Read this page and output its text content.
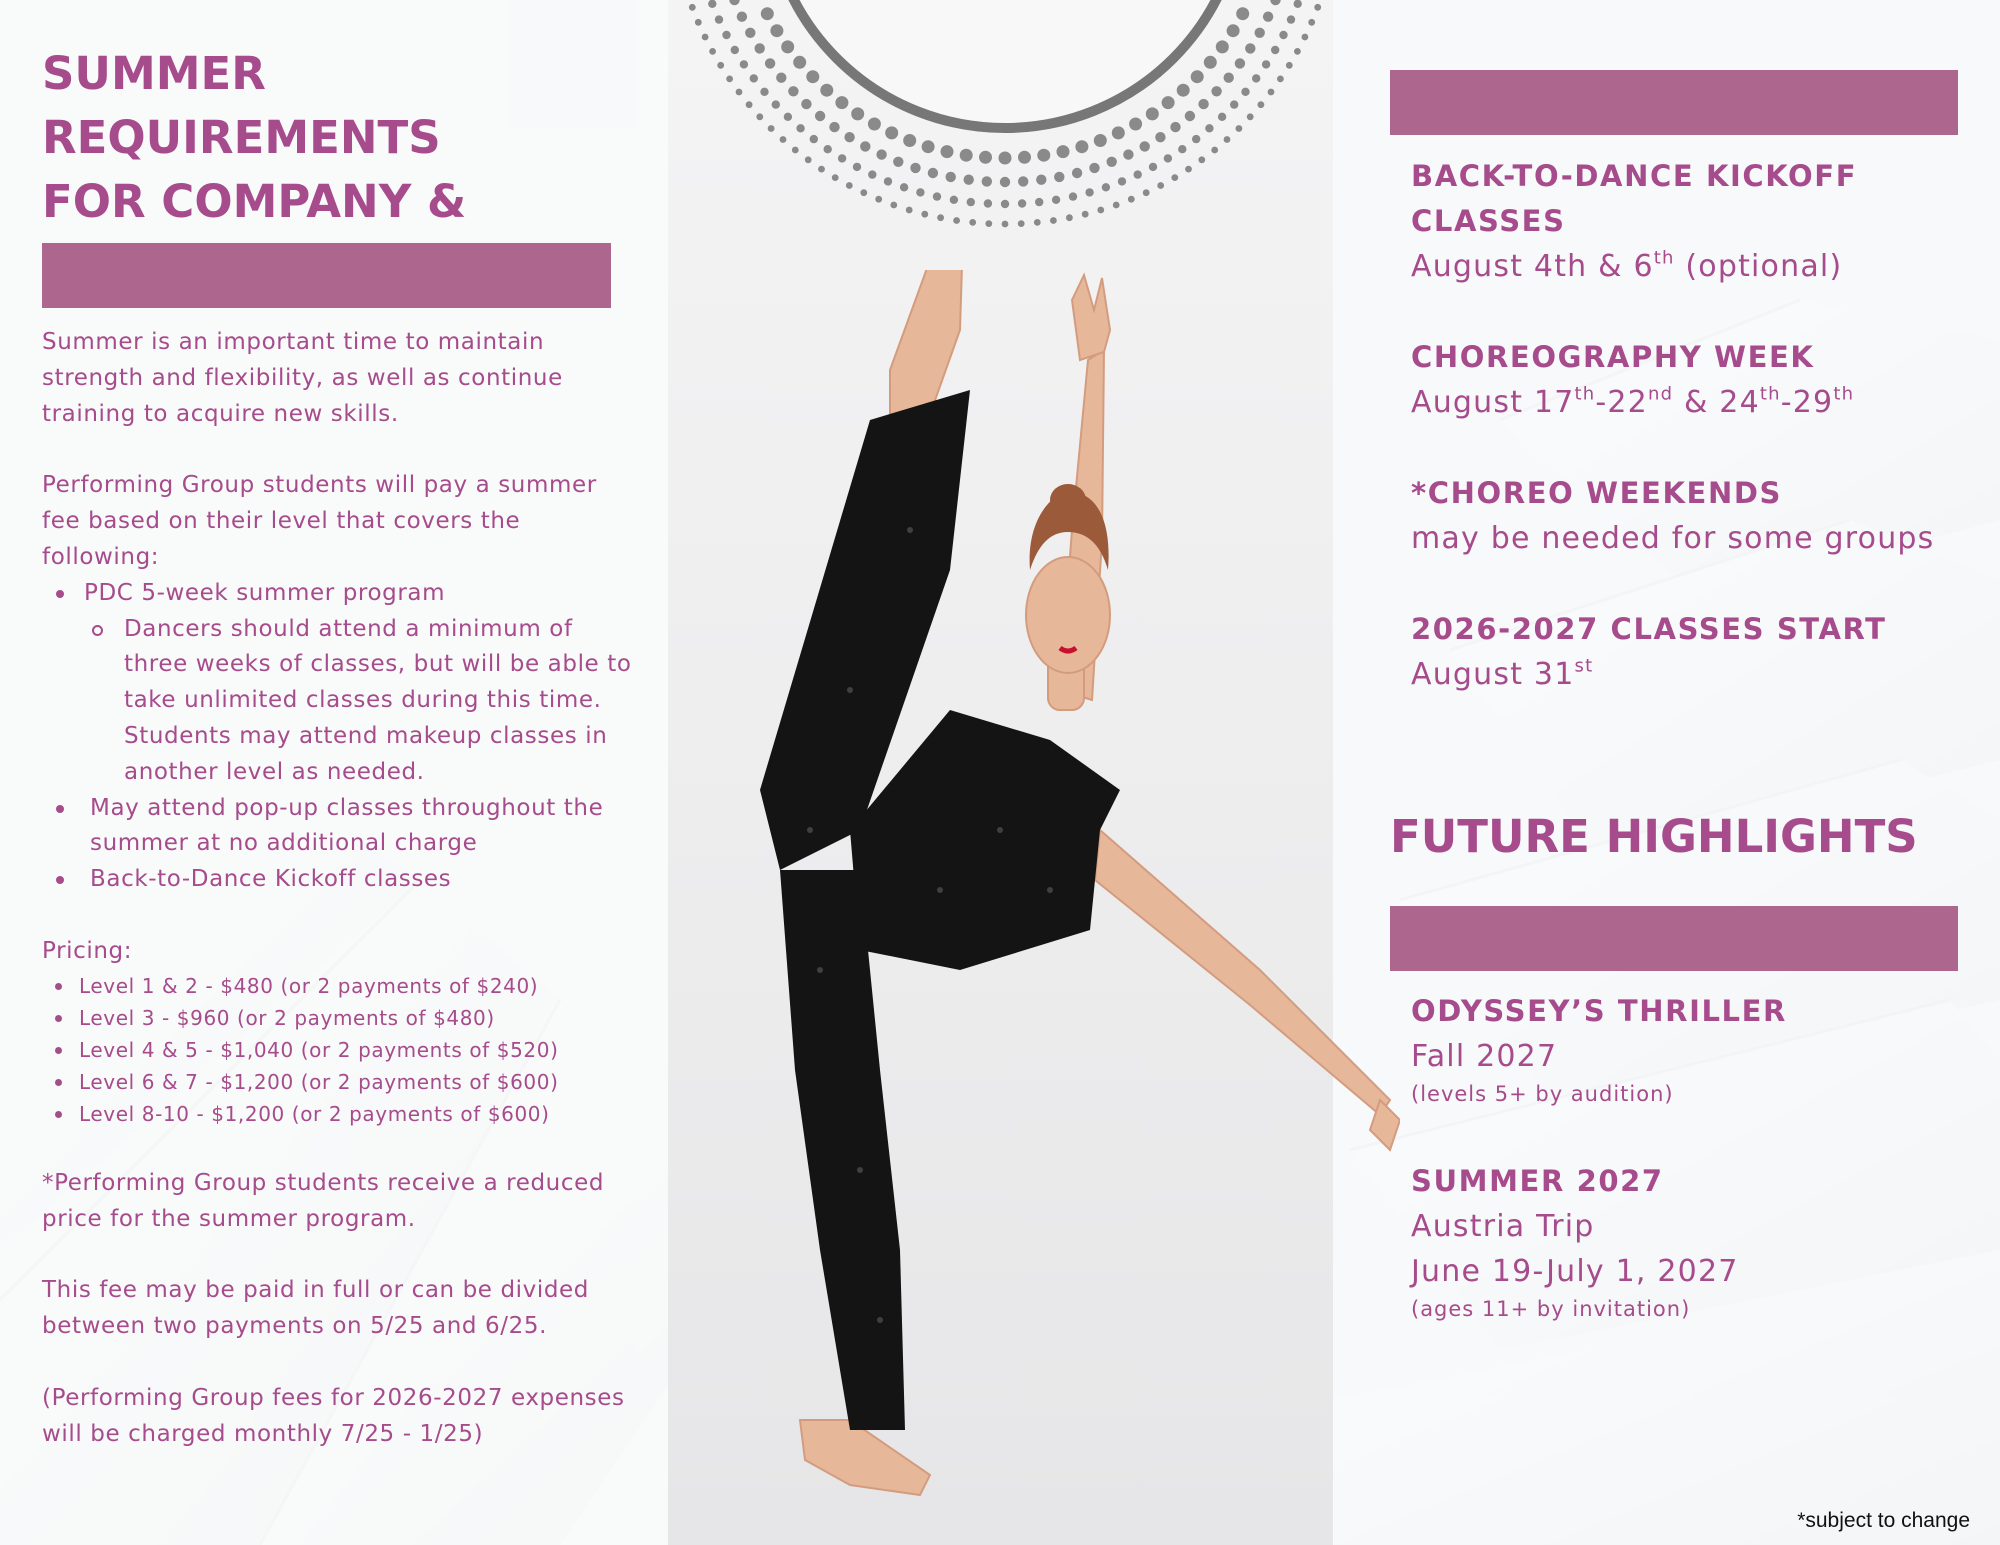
SUMMER REQUIREMENTS
FOR COMPANY &

Summer is an important time to maintain strength and flexibility, as well as continue training to acquire new skills.

Performing Group students will pay a summer fee based on their level that covers the following:

PDC 5-week summer program
Dancers should attend a minimum of three weeks of classes, but will be able to take unlimited classes during this time. Students may attend makeup classes in another level as needed.
May attend pop-up classes throughout the summer at no additional charge
Back-to-Dance Kickoff classes

Pricing:

Level 1 & 2 - $480 (or 2 payments of $240)
Level 3 - $960 (or 2 payments of $480)
Level 4 & 5 - $1,040 (or 2 payments of $520)
Level 6 & 7 - $1,200 (or 2 payments of $600)
Level 8-10 - $1,200 (or 2 payments of $600)

*Performing Group students receive a reduced price for the summer program.

This fee may be paid in full or can be divided between two payments on 5/25 and 6/25.

(Performing Group fees for 2026-2027 expenses will be charged monthly 7/25 - 1/25)

BACK-TO-DANCE KICKOFF
CLASSES
August 4th & 6th (optional)
CHOREOGRAPHY WEEK
August 17th-22nd & 24th-29th
*CHOREO WEEKENDS
may be needed for some groups
2026-2027 CLASSES START
August 31st
FUTURE HIGHLIGHTS
ODYSSEY’S THRILLER
Fall 2027
(levels 5+ by audition)
SUMMER 2027
Austria Trip
June 19-July 1, 2027
(ages 11+ by invitation)
*subject to change
